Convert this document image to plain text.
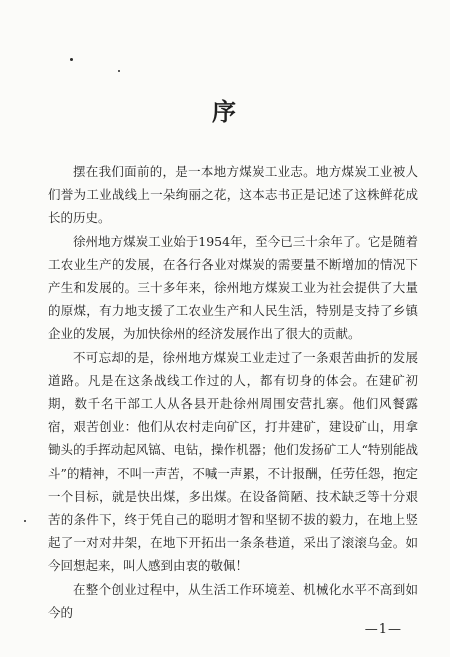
序

摆在我们面前的，是一本地方煤炭工业志。地方煤炭工业被人们誉为工业战线上一朵绚丽之花，这本志书正是记述了这株鲜花成长的历史。

徐州地方煤炭工业始于1954年，至今已三十余年了。它是随着工农业生产的发展，在各行各业对煤炭的需要量不断增加的情况下产生和发展的。三十多年来，徐州地方煤炭工业为社会提供了大量的原煤，有力地支援了工农业生产和人民生活，特别是支持了乡镇企业的发展，为加快徐州的经济发展作出了很大的贡献。

不可忘却的是，徐州地方煤炭工业走过了一条艰苦曲折的发展道路。凡是在这条战线工作过的人，都有切身的体会。在建矿初期，数千名干部工人从各县开赴徐州周围安营扎寨。他们风餐露宿，艰苦创业：他们从农村走向矿区，打井建矿，建设矿山，用拿锄头的手挥动起风镐、电钻，操作机器；他们发扬矿工人“特别能战斗”的精神，不叫一声苦，不喊一声累，不计报酬，任劳任怨，抱定一个目标，就是快出煤，多出煤。在设备简陋、技术缺乏等十分艰苦的条件下，终于凭自己的聪明才智和坚韧不拔的毅力，在地上竖起了一对对井架，在地下开拓出一条条巷道，采出了滚滚乌金。如今回想起来，叫人感到由衷的敬佩！

在整个创业过程中，从生活工作环境差、机械化水平不高到如今的

—1—
